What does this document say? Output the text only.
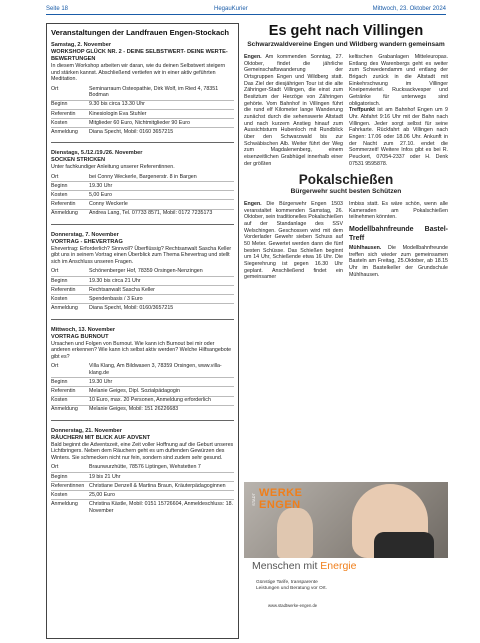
Seite 18	HegauKurier	Mittwoch, 23. Oktober 2024
Veranstaltungen der Landfrauen Engen-Stockach
Samstag, 2. November
WORKSHOP GLÜCK NR. 2 - DEINE SELBSTWERT- DEINE WERTE- BEWERTUNGEN
In diesem Workshop arbeiten wir daran, wie du deinen Selbstwert steigern und stärken kannst. Abschließend vertiefen wir in einer aktiv geführten Meditation.
Ort	Seminarraum Osteopathie, Dirk Wolf, im Ried 4, 78351 Bodman
Beginn	9.30 bis circa 13.30 Uhr
Referentin	Kinesiologin Eva Stuhler
Kosten	Mitglieder 60 Euro, Nichtmitglieder 90 Euro
Anmeldung	Diana Specht, Mobil: 0160 3657215
Dienstags, 5./12./19./26. November
SOCKEN STRICKEN
Unter fachkundiger Anleitung unserer Referentinnen.
Ort	bei Conny Weckerle, Bargenerstr. 8 in Bargen
Beginn	19.30 Uhr
Kosten	5,00 Euro
Referentin	Conny Weckerle
Anmeldung	Andrea Lang, Tel. 07733 8571, Mobil: 0172 7235173
Donnerstag, 7. November
VORTRAG - EHEVERTRAG
Ehevertrag: Erforderlich? Sinnvoll? Überflüssig? Rechtsanwalt Sascha Keller gibt uns in seinem Vortrag einen Überblick zum Thema Ehevertrag und stellt sich im Anschluss unseren Fragen.
Ort	Schönenberger Hof, 78359 Orsingen-Nenzingen
Beginn	19.30 bis circa 21 Uhr
Referentin	Rechtsanwalt Sascha Keller
Kosten	Spendenbasis / 3 Euro
Anmeldung	Diana Specht, Mobil: 0160/3657215
Mittwoch, 13. November
VORTRAG BURNOUT
Ursachen und Folgen von Burnout. Wie kann ich Burnout bei mir oder anderen erkennen? Wie kann ich selbst aktiv werden? Welche Hilfsangebote gibt es?
Ort	Villa Klang, Am Bildwasen 3, 78359 Orsingen, www.villa-klang.de
Beginn	19.30 Uhr
Referentin	Melanie Geiges, Dipl. Sozialpädagogin
Kosten	10 Euro, max. 20 Personen, Anmeldung erforderlich
Anmeldung	Melanie Geiges, Mobil: 151 26226683
Donnerstag, 21. November
RÄUCHERN MIT BLICK AUF ADVENT
Bald beginnt die Adventszeit, eine Zeit voller Hoffnung auf die Geburt unseres Lichtbringers. Neben dem Räuchern geht es um duftenden Gewürzen des Winters. Sie schmecken nicht nur fein, sondern sind zudem sehr gesund.
Ort	Braunwurzhütte, 78576 Liptingen, Wehstetten 7
Beginn	19 bis 21 Uhr
Referentinnen Christiane Denzell & Martina Braun, Kräuterpädagoginnen
Kosten	25,00 Euro
Anmeldung	Christina Kästle, Mobil: 0151 15726604, Anmeldeschluss: 18. November
Es geht nach Villingen
Schwarzwaldvereine Engen und Wildberg wandern gemeinsam
Engen. Am kommenden Sonntag, 27. Oktober, findet die jährliche Gemeinschaftswanderung der Ortsgruppen Engen und Wildberg statt. Das Ziel der diesjährigen Tour ist die alte Zähringer-Stadt Villingen, die einst zum Besitztum der Herzöge von Zähringen gehörte. Vom Bahnhof in Villingen führt die rund elf Kilometer lange Wanderung zunächst durch die sehenswerte Altstadt und nach kurzem Anstieg hinauf zum Aussichtsturm Hubenloch mit Rundblick über den Schwarzwald bis zur Schwäbischen Alb. Weiter führt der Weg zum Magdalenenberg, einem eisenzeitlichen Grabhügel innerhalb einer der größten
keltischen Grabanlagen Mitteleuropas. Entlang des Warenbergs geht es weiter zum Schwedendamm und entlang der Brigach zurück in die Altstadt mit Einkehrschwung im Villinger Kneipenviertel. Rucksackvesper und Getränke für unterwegs sind obligatorisch.
Treffpunkt ist am Bahnhof Engen um 9 Uhr. Abfahrt 9:16 Uhr mit der Bahn nach Villingen. Jeder sorgt selbst für seine Fahrkarte. Rückfahrt ab Villingen nach Engen: 17.06 oder 18.06 Uhr. Ankunft in der Nacht zum 27.10. endet die Sommerzeit! Weitere Infos gibt es bei R. Peuckert, 07054-2337 oder H. Denk 07531 9595878.
Pokalschießen
Bürgerwehr sucht besten Schützen
Engen. Die Bürgerwehr Engen 1503 veranstaltet kommenden Samstag, 26. Oktober, sein traditionelles Pokalschießen auf der Standanlage des SSV Welschingen. Geschossen wird mit dem Vorderlader Gewehr sieben Schuss auf 50 Meter. Gewertet werden dann die fünf besten Schüsse. Das Schießen beginnt um 14 Uhr, Schießende etwa 16 Uhr. Die Siegerehrung ist gegen 16.30 Uhr geplant. Anschließend findet ein gemeinsamer
Imbiss statt. Es wäre schön, wenn alle Kameraden am Pokalschießen teilnehmen könnten.
Modellbahnfreunde Bastel-Treff
Mühlhausen. Die Modellbahnfreunde treffen sich wieder zum gemeinsamen Basteln am Freitag, 25.Oktober, ab 18.15 Uhr im Bastelkeller der Grundschule Mühlhausen.
STADT WERKE
ENGEN
Menschen mit Energie
Günstige Tarife, transparente
Leistungen und Beratung vor Ort.
www.stadtwerke-engen.de
